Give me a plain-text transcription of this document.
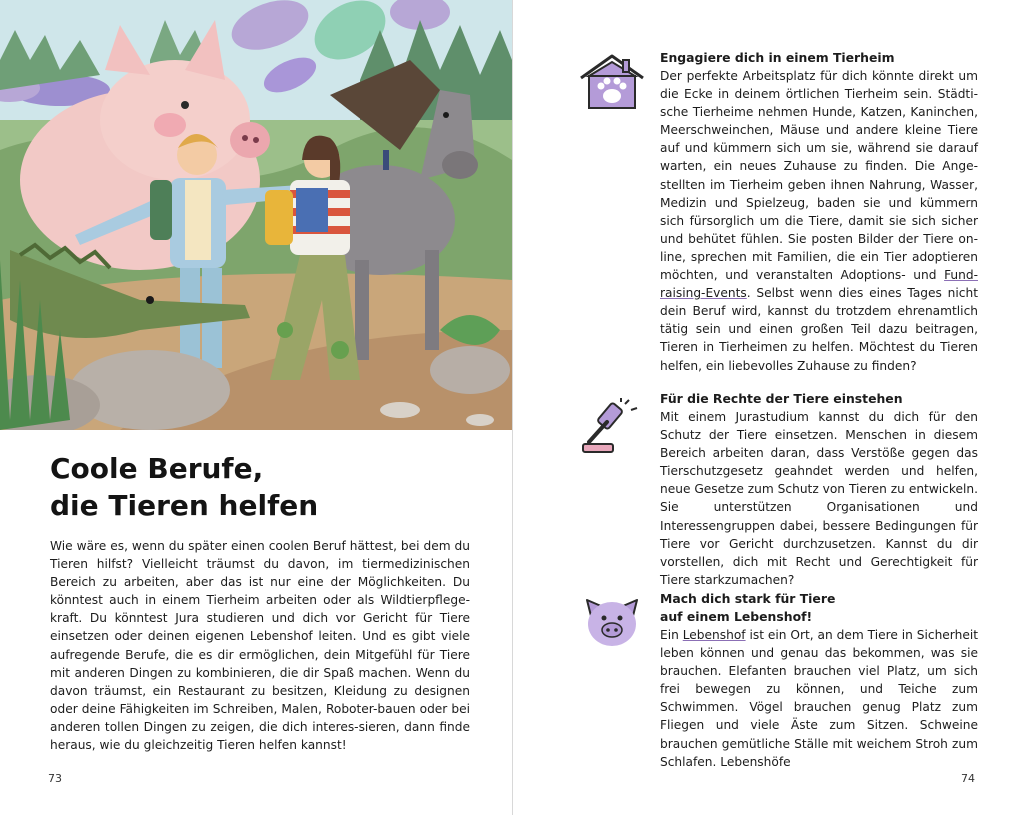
Coole Berufe,
die Tieren helfen

Wie wäre es, wenn du später einen coolen Beruf hättest, bei dem du Tieren hilfst? Vielleicht träumst du davon, im tiermedizinischen Bereich zu arbeiten, aber das ist nur eine der Möglichkeiten. Du könntest auch in einem Tierheim arbeiten oder als Wildtierpflege-kraft. Du könntest Jura studieren und dich vor Gericht für Tiere einsetzen oder deinen eigenen Lebenshof leiten. Und es gibt viele aufregende Berufe, die es dir ermöglichen, dein Mitgefühl für Tiere mit anderen Dingen zu kombinieren, die dir Spaß machen. Wenn du davon träumst, ein Restaurant zu besitzen, Kleidung zu designen oder deine Fähigkeiten im Schreiben, Malen, Roboter-bauen oder bei anderen tollen Dingen zu zeigen, die dich interes-sieren, dann finde heraus, wie du gleichzeitig Tieren helfen kannst!

73
Engagiere dich in einem Tierheim

Der perfekte Arbeitsplatz für dich könnte direkt um die Ecke in deinem örtlichen Tierheim sein. Städti-sche Tierheime nehmen Hunde, Katzen, Kaninchen, Meerschweinchen, Mäuse und andere kleine Tiere auf und kümmern sich um sie, während sie darauf warten, ein neues Zuhause zu finden. Die Ange-stellten im Tierheim geben ihnen Nahrung, Wasser, Medizin und Spielzeug, baden sie und kümmern sich fürsorglich um die Tiere, damit sie sich sicher und behütet fühlen. Sie posten Bilder der Tiere on-line, sprechen mit Familien, die ein Tier adoptieren möchten, und veranstalten Adoptions- und Fund-raising-Events. Selbst wenn dies eines Tages nicht dein Beruf wird, kannst du trotzdem ehrenamtlich tätig sein und einen großen Teil dazu beitragen, Tieren in Tierheimen zu helfen. Möchtest du Tieren helfen, ein liebevolles Zuhause zu finden?

Für die Rechte der Tiere einstehen

Mit einem Jurastudium kannst du dich für den Schutz der Tiere einsetzen. Menschen in diesem Bereich arbeiten daran, dass Verstöße gegen das Tierschutzgesetz geahndet werden und helfen, neue Gesetze zum Schutz von Tieren zu entwickeln. Sie unterstützen Organisationen und Interessengruppen dabei, bessere Bedingungen für Tiere vor Gericht durchzusetzen. Kannst du dir vorstellen, dich mit Recht und Gerechtigkeit für Tiere starkzumachen?

Mach dich stark für Tiere
auf einem Lebenshof!

Ein Lebenshof ist ein Ort, an dem Tiere in Sicherheit leben können und genau das bekommen, was sie brauchen. Elefanten brauchen viel Platz, um sich frei bewegen zu können, und Teiche zum Schwimmen. Vögel brauchen genug Platz zum Fliegen und viele Äste zum Sitzen. Schweine brauchen gemütliche Ställe mit weichem Stroh zum Schlafen. Lebenshöfe

74
